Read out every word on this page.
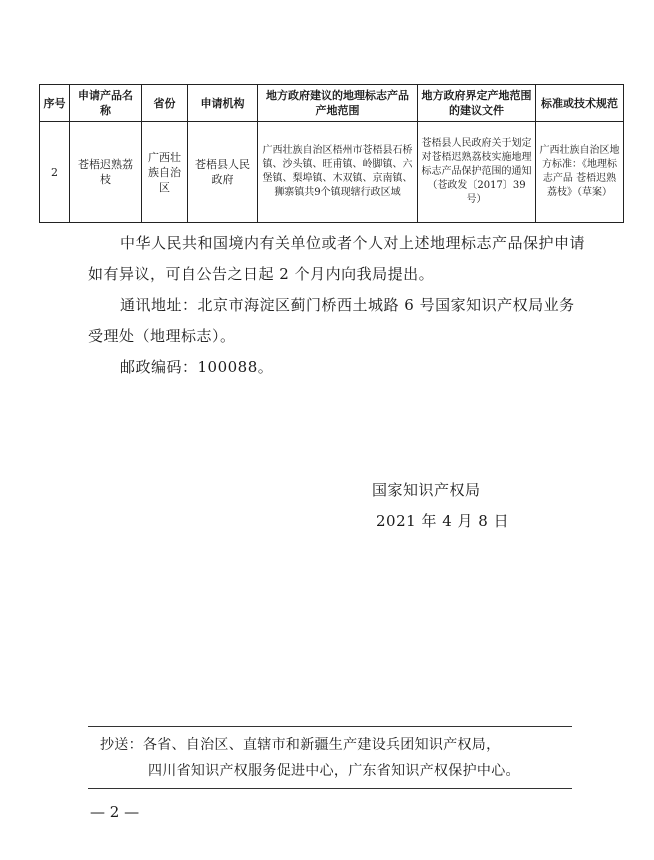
序号	申请产品名称	省份	申请机构	地方政府建议的地理标志产品产地范围	地方政府界定产地范围的建议文件	标准或技术规范
2	苍梧迟熟荔枝	广西壮族自治区	苍梧县人民政府	广西壮族自治区梧州市苍梧县石桥镇、沙头镇、旺甫镇、岭脚镇、六堡镇、梨埠镇、木双镇、京南镇、狮寨镇共9个镇现辖行政区域	苍梧县人民政府关于划定对苍梧迟熟荔枝实施地理标志产品保护范围的通知（苍政发〔2017〕39号）	广西壮族自治区地方标准：《地理标志产品 苍梧迟熟荔枝》（草案）
中华人民共和国境内有关单位或者个人对上述地理标志产品保护申请如有异议，可自公告之日起 2 个月内向我局提出。
通讯地址：北京市海淀区蓟门桥西土城路 6 号国家知识产权局业务受理处（地理标志）。
邮政编码：100088。
国家知识产权局
2021 年 4 月 8 日
抄送：各省、自治区、直辖市和新疆生产建设兵团知识产权局，
四川省知识产权服务促进中心，广东省知识产权保护中心。
— 2 —
